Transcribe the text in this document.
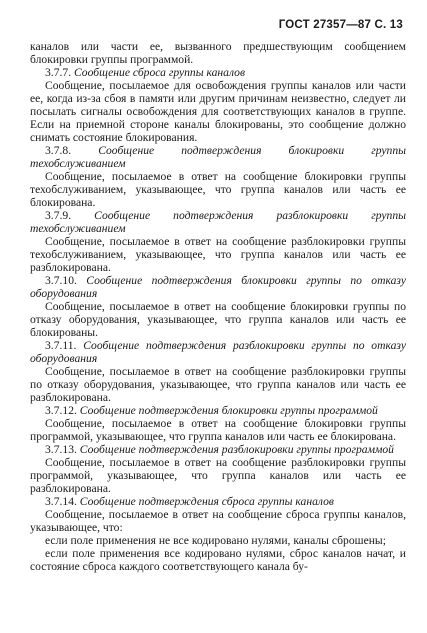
ГОСТ 27357—87 С. 13

каналов или части ее, вызванного предшествующим сообщением блокировки группы программой.

3.7.7. Сообщение сброса группы каналов

Сообщение, посылаемое для освобождения группы каналов или части ее, когда из-за сбоя в памяти или другим причинам неизвестно, следует ли посылать сигналы освобождения для соответствующих каналов в группе. Если на приемной стороне каналы блокированы, это сообщение должно снимать состояние блокирования.

3.7.8. Сообщение подтверждения блокировки группы техобслуживанием

Сообщение, посылаемое в ответ на сообщение блокировки группы техобслуживанием, указывающее, что группа каналов или часть ее блокирована.

3.7.9. Сообщение подтверждения разблокировки группы техобслуживанием

Сообщение, посылаемое в ответ на сообщение разблокировки группы техобслуживанием, указывающее, что группа каналов или часть ее разблокирована.

3.7.10. Сообщение подтверждения блокировки группы по отказу оборудования

Сообщение, посылаемое в ответ на сообщение блокировки группы по отказу оборудования, указывающее, что группа каналов или часть ее блокированы.

3.7.11. Сообщение подтверждения разблокировки группы по отказу оборудования

Сообщение, посылаемое в ответ на сообщение разблокировки группы по отказу оборудования, указывающее, что группа каналов или часть ее разблокирована.

3.7.12. Сообщение подтверждения блокировки группы программой

Сообщение, посылаемое в ответ на сообщение блокировки группы программой, указывающее, что группа каналов или часть ее блокирована.

3.7.13. Сообщение подтверждения разблокировки группы программой

Сообщение, посылаемое в ответ на сообщение разблокировки группы программой, указывающее, что группа каналов или часть ее разблокирована.

3.7.14. Сообщение подтверждения сброса группы каналов

Сообщение, посылаемое в ответ на сообщение сброса группы каналов, указывающее, что:

если поле применения не все кодировано нулями, каналы сброшены;

если поле применения все кодировано нулями, сброс каналов начат, и состояние сброса каждого соответствующего канала бу-
